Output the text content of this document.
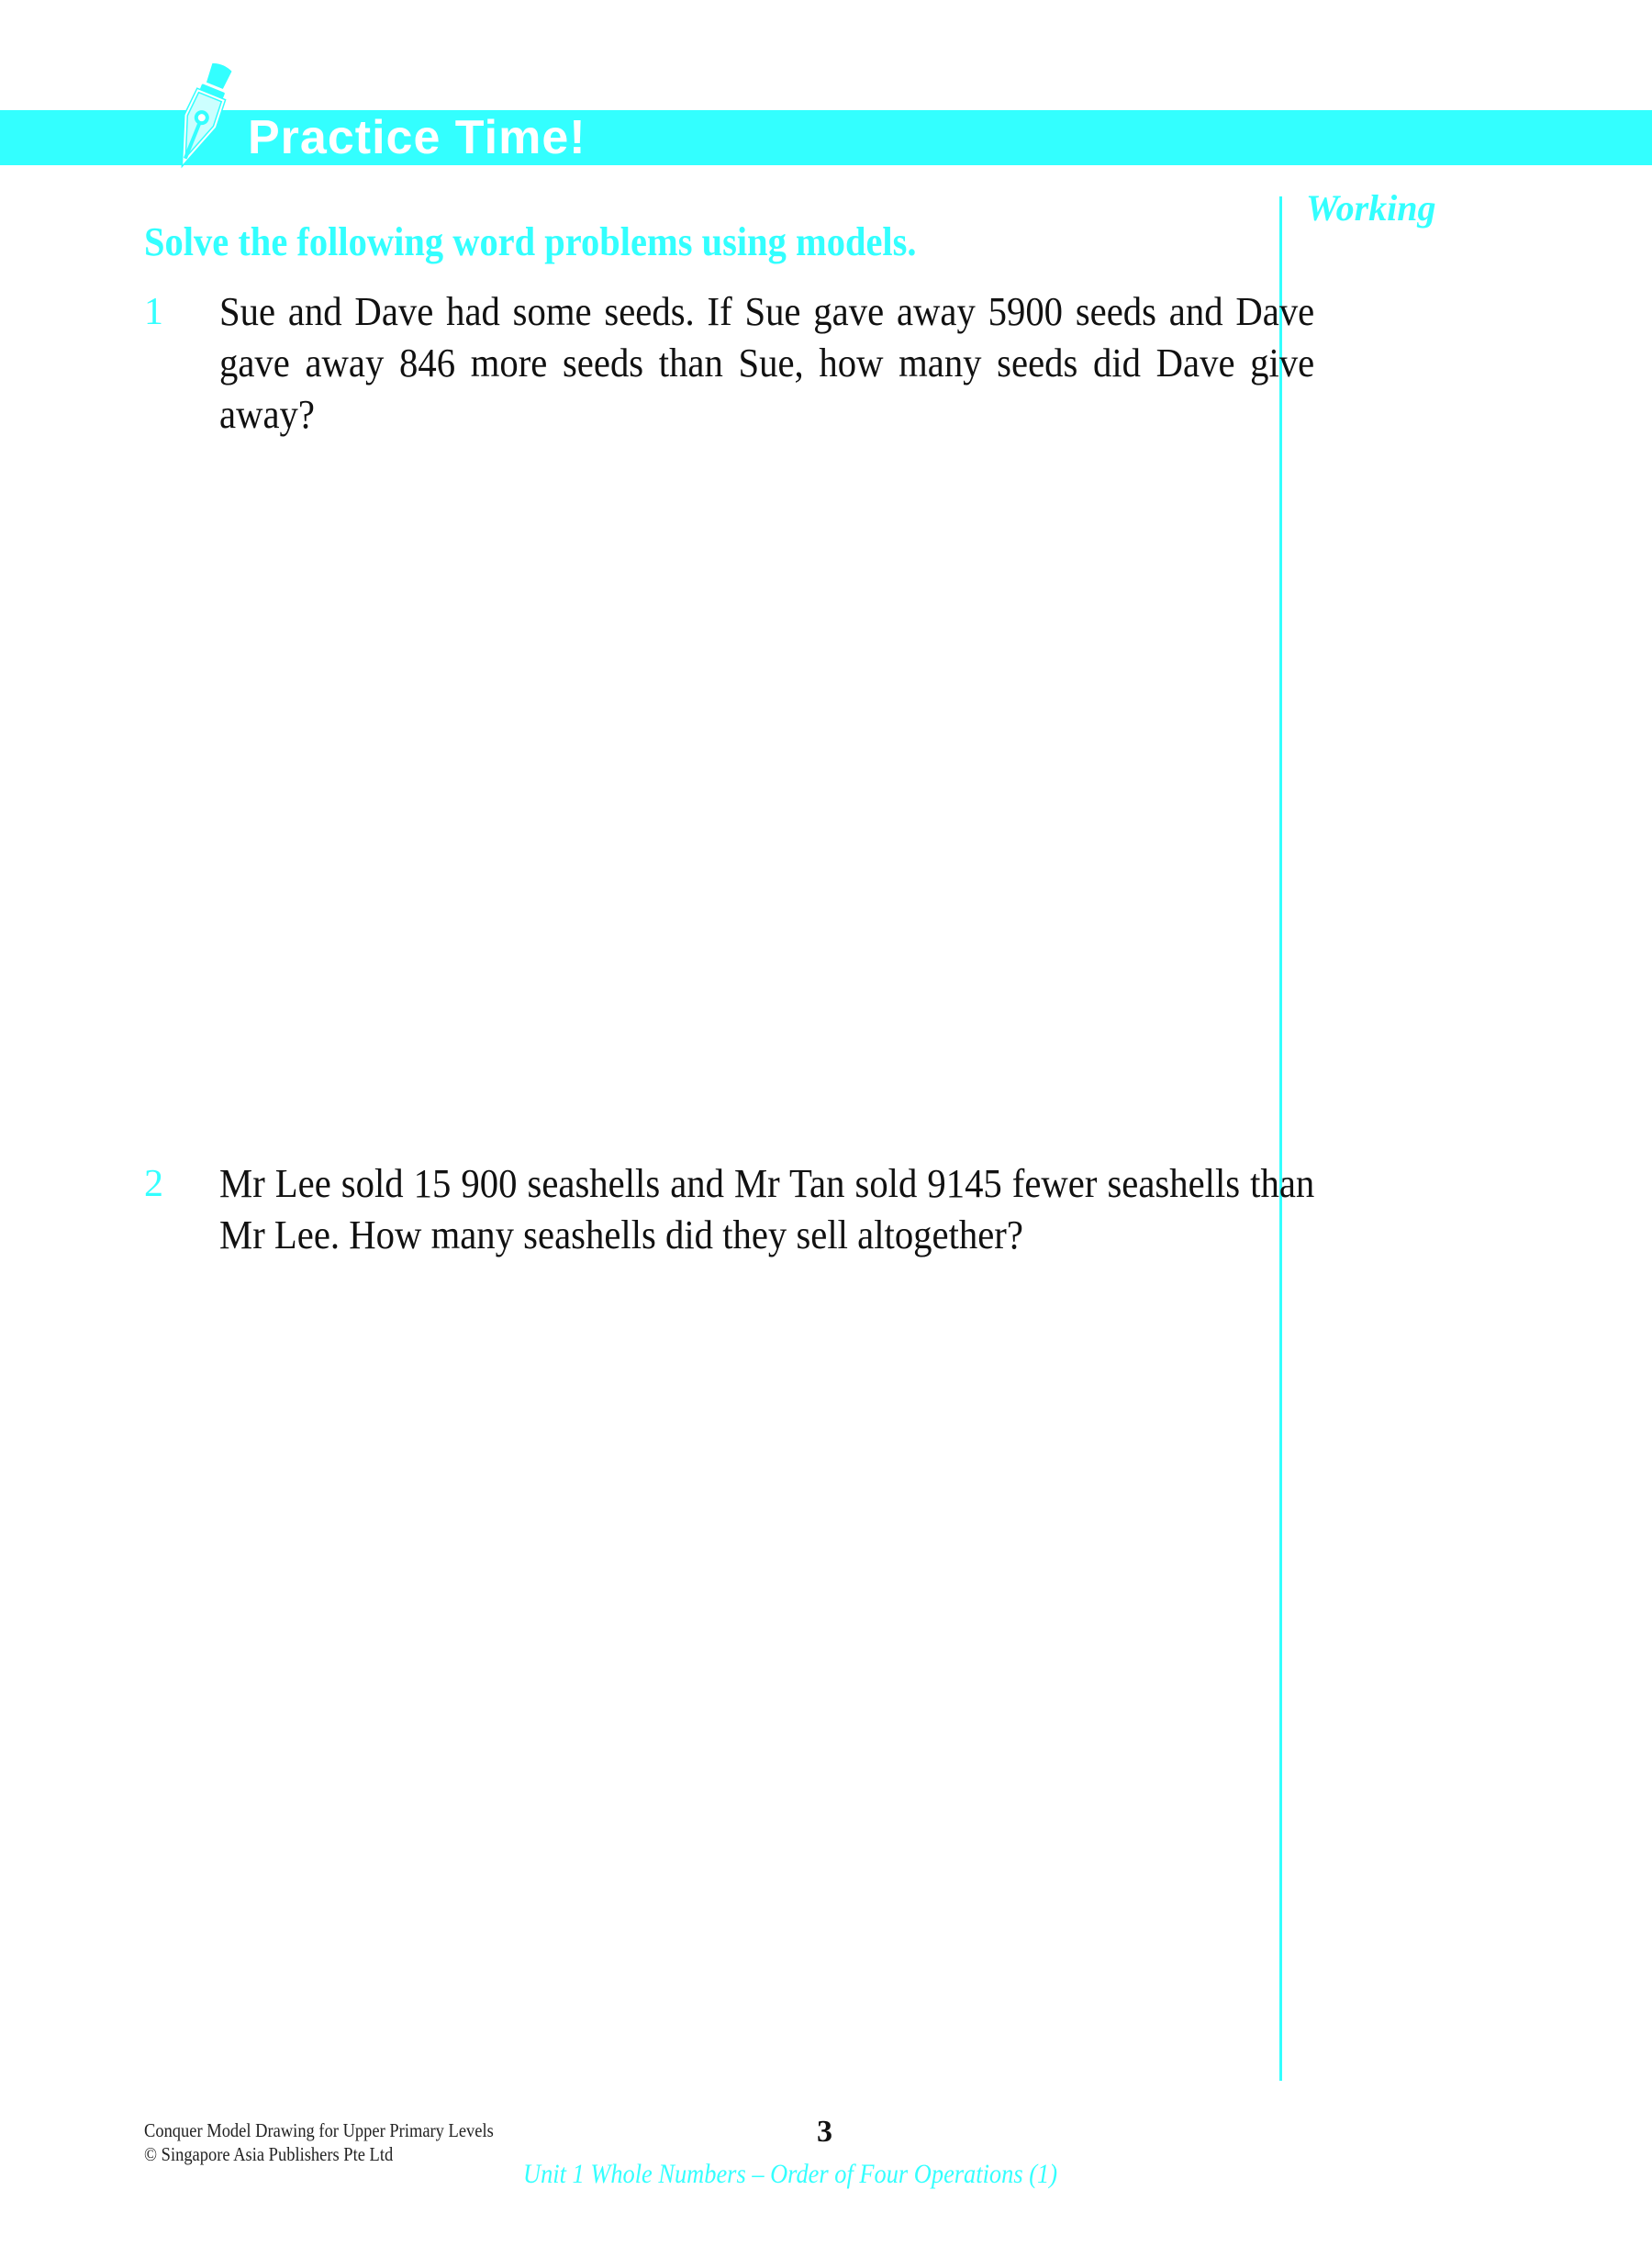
Practice Time!
Working
Solve the following word problems using models.
1 Sue and Dave had some seeds. If Sue gave away 5900 seeds and Dave gave away 846 more seeds than Sue, how many seeds did Dave give away?
2 Mr Lee sold 15 900 seashells and Mr Tan sold 9145 fewer seashells than Mr Lee. How many seashells did they sell altogether?
Conquer Model Drawing for Upper Primary Levels
© Singapore Asia Publishers Pte Ltd
3
Unit 1 Whole Numbers – Order of Four Operations (1)
